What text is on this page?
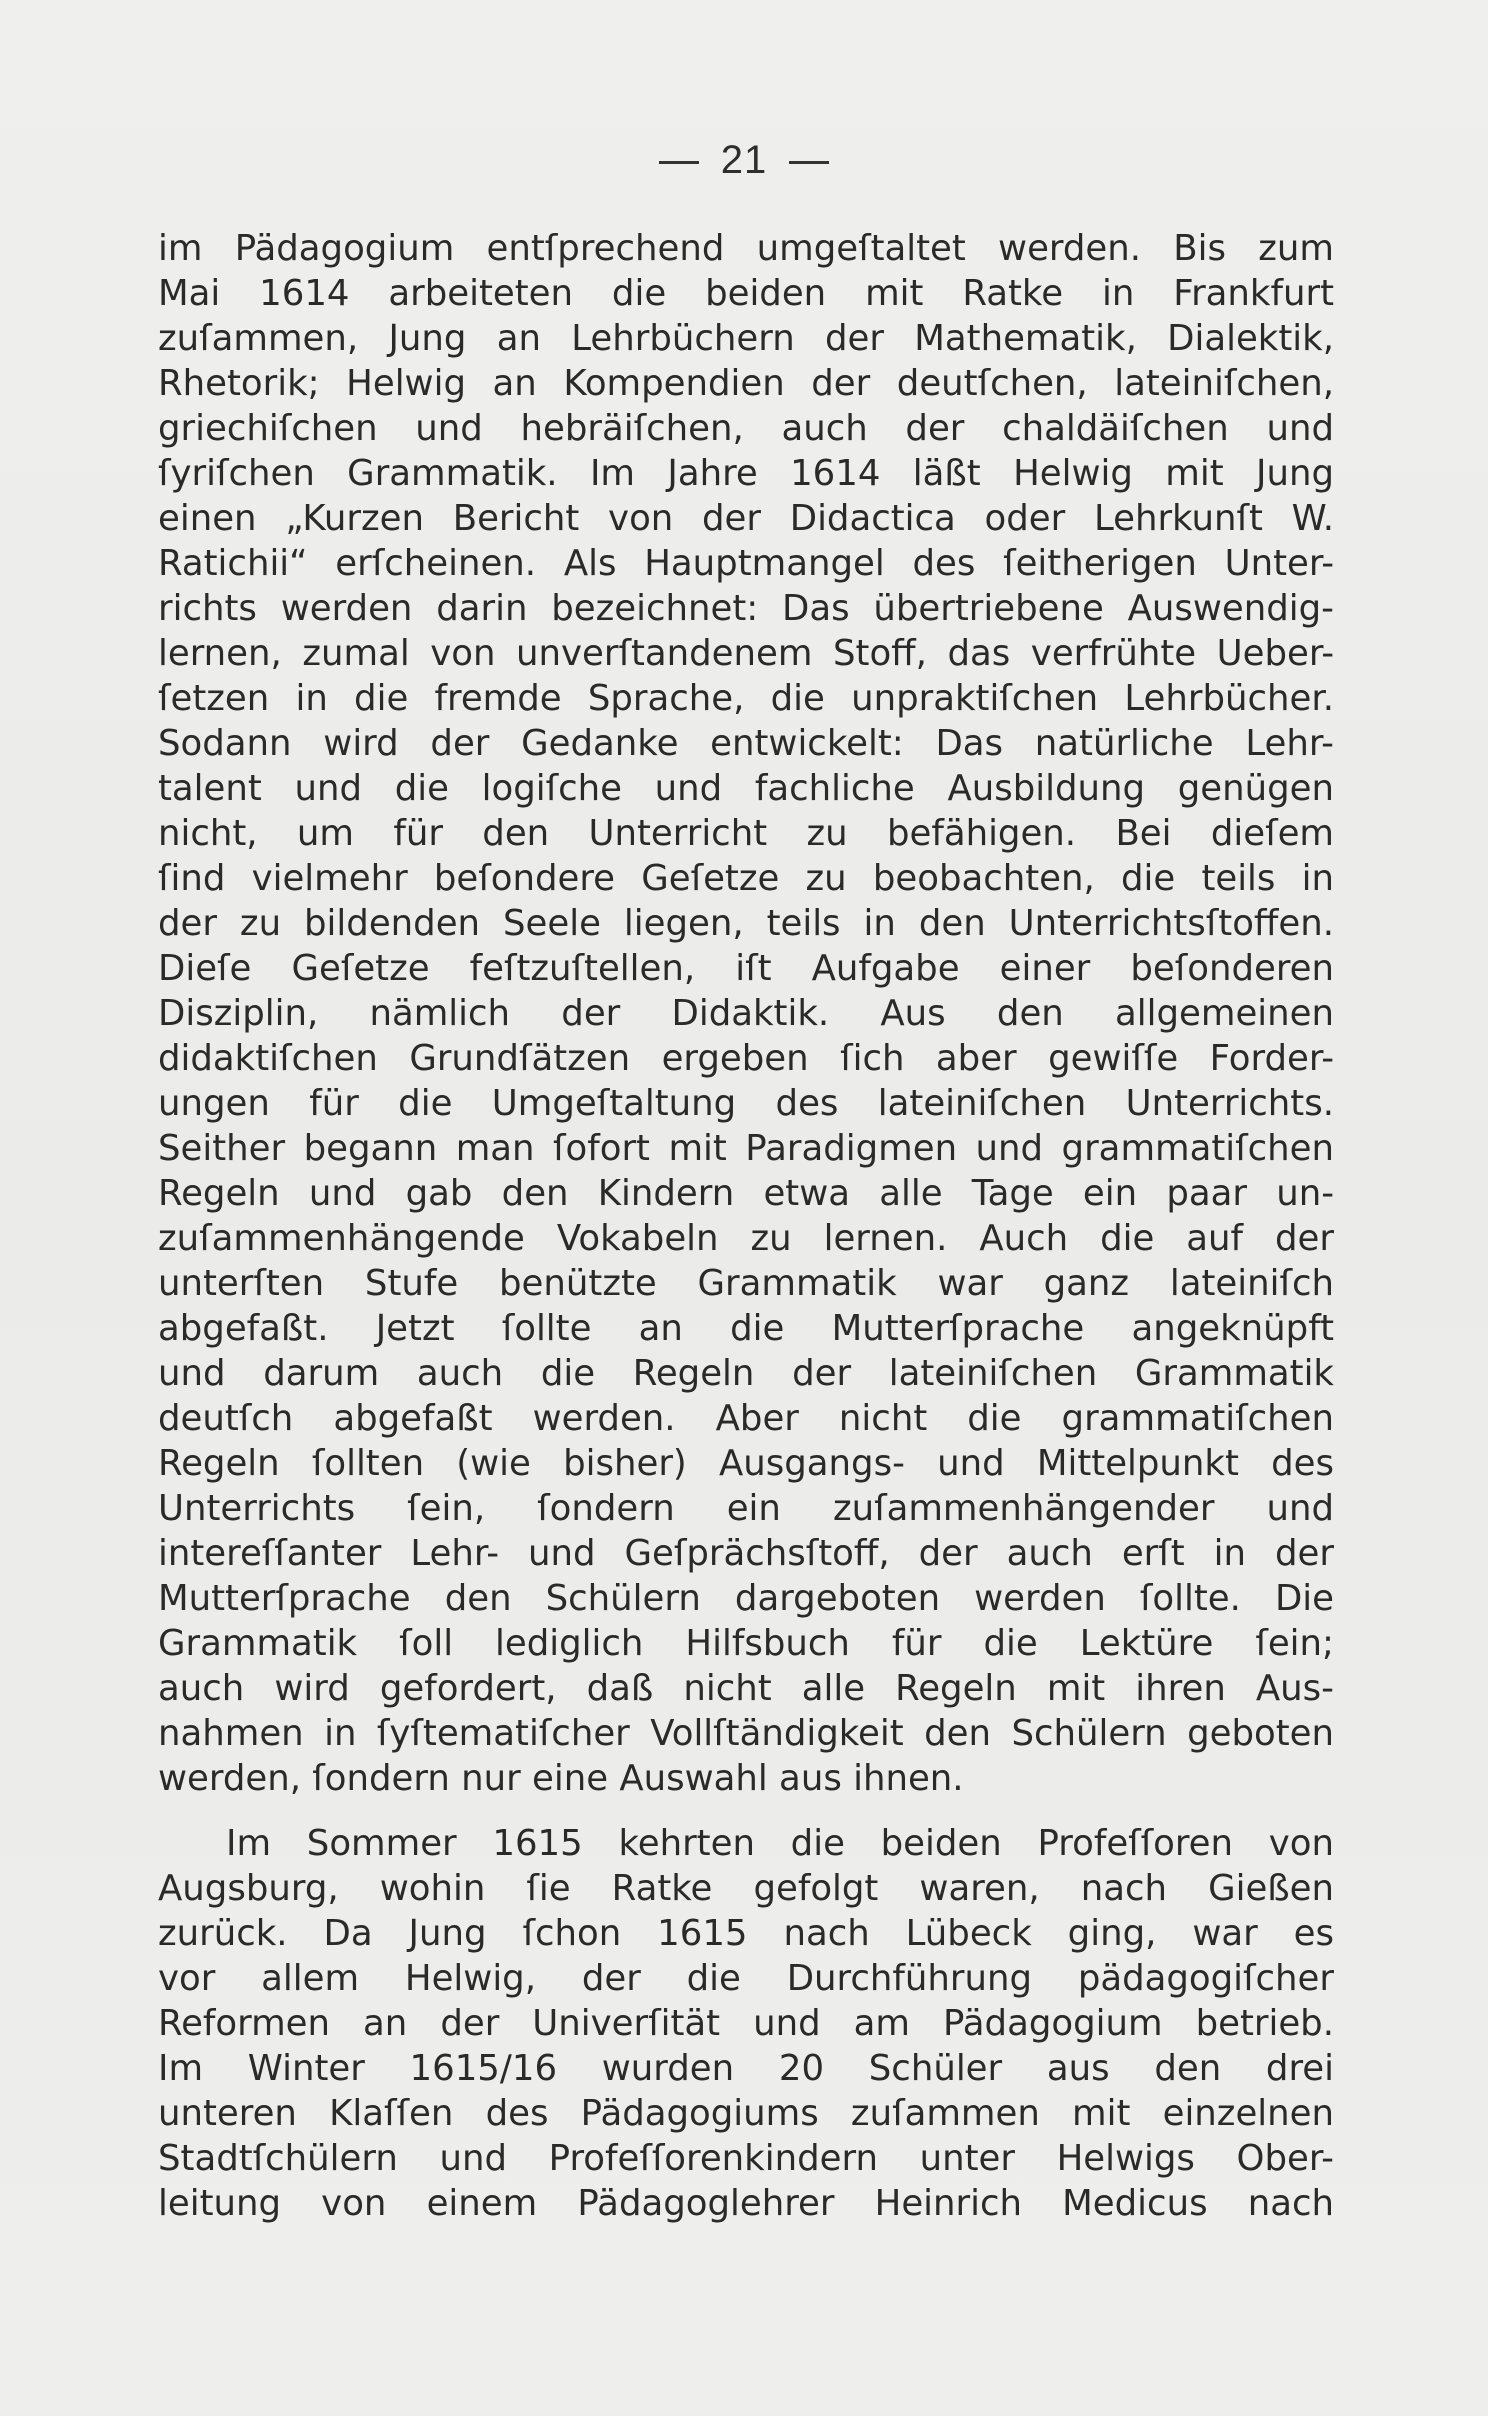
21
im Pädagogium entſprechend umgeſtaltet werden. Bis zum
Mai 1614 arbeiteten die beiden mit Ratke in Frankfurt
zuſammen, Jung an Lehrbüchern der Mathematik, Dialektik,
Rhetorik; Helwig an Kompendien der deutſchen, lateiniſchen,
griechiſchen und hebräiſchen, auch der chaldäiſchen und
ſyriſchen Grammatik. Im Jahre 1614 läßt Helwig mit Jung
einen „Kurzen Bericht von der Didactica oder Lehrkunſt W.
Ratichii“ erſcheinen. Als Hauptmangel des ſeitherigen Unter-
richts werden darin bezeichnet: Das übertriebene Auswendig-
lernen, zumal von unverſtandenem Stoff, das verfrühte Ueber-
ſetzen in die fremde Sprache, die unpraktiſchen Lehrbücher.
Sodann wird der Gedanke entwickelt: Das natürliche Lehr-
talent und die logiſche und fachliche Ausbildung genügen
nicht, um für den Unterricht zu befähigen. Bei dieſem
ſind vielmehr beſondere Geſetze zu beobachten, die teils in
der zu bildenden Seele liegen, teils in den Unterrichtsſtoffen.
Dieſe Geſetze feſtzuſtellen, iſt Aufgabe einer beſonderen
Disziplin, nämlich der Didaktik. Aus den allgemeinen
didaktiſchen Grundſätzen ergeben ſich aber gewiſſe Forder-
ungen für die Umgeſtaltung des lateiniſchen Unterrichts.
Seither begann man ſofort mit Paradigmen und grammatiſchen
Regeln und gab den Kindern etwa alle Tage ein paar un-
zuſammenhängende Vokabeln zu lernen. Auch die auf der
unterſten Stufe benützte Grammatik war ganz lateiniſch
abgefaßt. Jetzt ſollte an die Mutterſprache angeknüpft
und darum auch die Regeln der lateiniſchen Grammatik
deutſch abgefaßt werden. Aber nicht die grammatiſchen
Regeln ſollten (wie bisher) Ausgangs- und Mittelpunkt des
Unterrichts ſein, ſondern ein zuſammenhängender und
intereſſanter Lehr- und Geſprächsſtoff, der auch erſt in der
Mutterſprache den Schülern dargeboten werden ſollte. Die
Grammatik ſoll lediglich Hilfsbuch für die Lektüre ſein;
auch wird gefordert, daß nicht alle Regeln mit ihren Aus-
nahmen in ſyſtematiſcher Vollſtändigkeit den Schülern geboten
werden, ſondern nur eine Auswahl aus ihnen.
Im Sommer 1615 kehrten die beiden Profeſſoren von
Augsburg, wohin ſie Ratke gefolgt waren, nach Gießen
zurück. Da Jung ſchon 1615 nach Lübeck ging, war es
vor allem Helwig, der die Durchführung pädagogiſcher
Reformen an der Univerſität und am Pädagogium betrieb.
Im Winter 1615/16 wurden 20 Schüler aus den drei
unteren Klaſſen des Pädagogiums zuſammen mit einzelnen
Stadtſchülern und Profeſſorenkindern unter Helwigs Ober-
leitung von einem Pädagoglehrer Heinrich Medicus nach
